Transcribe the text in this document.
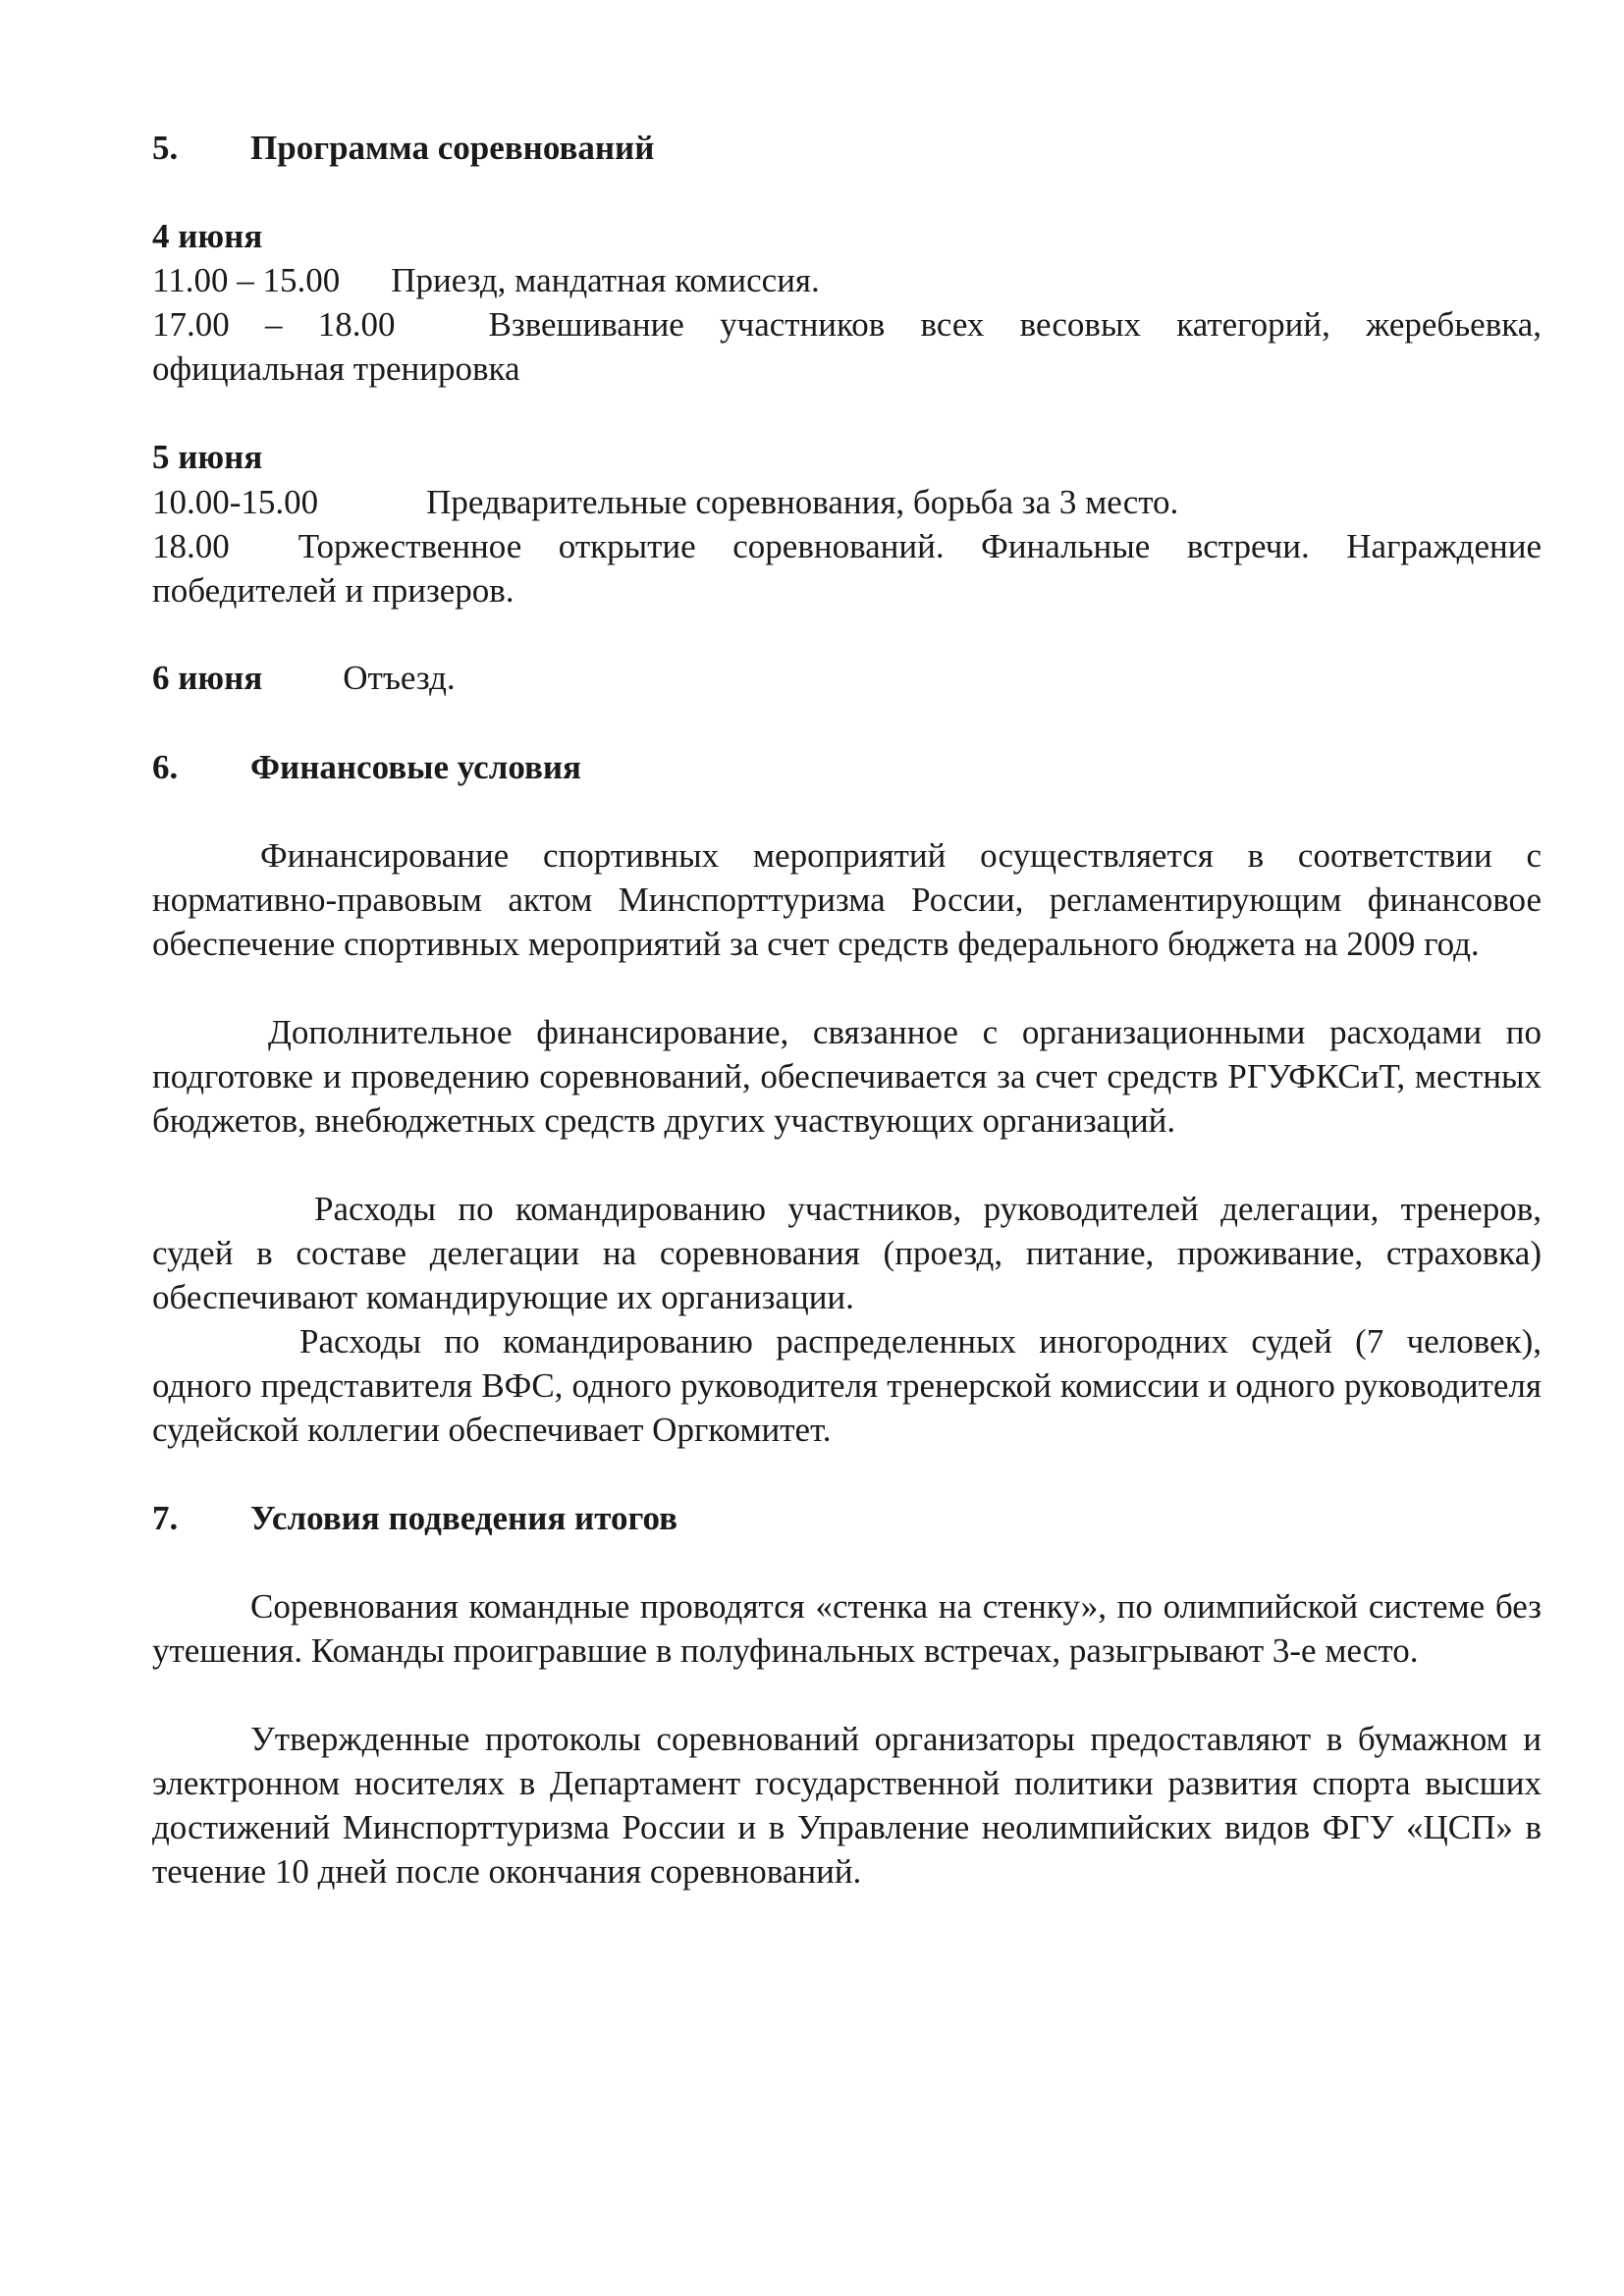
5. Программа соревнований
4 июня
11.00 – 15.00 Приезд, мандатная комиссия.
17.00 – 18.00	Взвешивание участников всех весовых категорий, жеребьевка, официальная тренировка
5 июня
10.00-15.00	Предварительные соревнования, борьба за 3 место.
18.00 Торжественное открытие соревнований. Финальные встречи. Награждение победителей и призеров.
6 июня Отъезд.
6. Финансовые условия
Финансирование спортивных мероприятий осуществляется в соответствии с нормативно-правовым актом Минспорттуризма России, регламентирующим финансовое обеспечение спортивных мероприятий за счет средств федерального бюджета на 2009 год.
Дополнительное финансирование, связанное с организационными расходами по подготовке и проведению соревнований, обеспечивается за счет средств РГУФКСиТ, местных бюджетов, внебюджетных средств других участвующих организаций.
Расходы по командированию участников, руководителей делегации, тренеров, судей в составе делегации на соревнования (проезд, питание, проживание, страховка) обеспечивают командирующие их организации.
Расходы по командированию распределенных иногородних судей (7 человек), одного представителя ВФС, одного руководителя тренерской комиссии и одного руководителя судейской коллегии обеспечивает Оргкомитет.
7. Условия подведения итогов
Соревнования командные проводятся «стенка на стенку», по олимпийской системе без утешения. Команды проигравшие в полуфинальных встречах, разыгрывают 3-е место.
Утвержденные протоколы соревнований организаторы предоставляют в бумажном и электронном носителях в Департамент государственной политики развития спорта высших достижений Минспорттуризма России и в Управление неолимпийских видов ФГУ «ЦСП» в течение 10 дней после окончания соревнований.
